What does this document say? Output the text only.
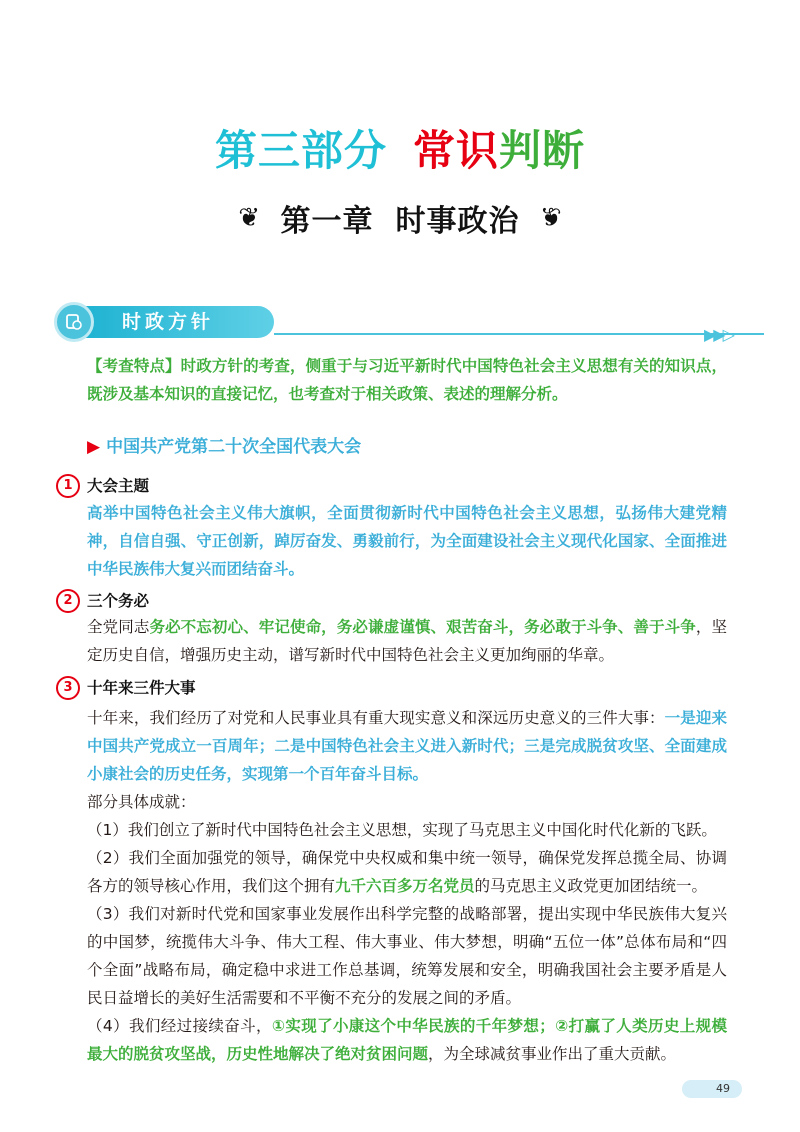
第三部分 常识判断
❦ 第一章 时事政治 ❦
时政方针
▶▶▷
【考查特点】时政方针的考查，侧重于与习近平新时代中国特色社会主义思想有关的知识点，既涉及基本知识的直接记忆，也考查对于相关政策、表述的理解分析。
▶ 中国共产党第二十次全国代表大会
1 大会主题
高举中国特色社会主义伟大旗帜，全面贯彻新时代中国特色社会主义思想，弘扬伟大建党精神，自信自强、守正创新，踔厉奋发、勇毅前行，为全面建设社会主义现代化国家、全面推进中华民族伟大复兴而团结奋斗。
2 三个务必
全党同志务必不忘初心、牢记使命，务必谦虚谨慎、艰苦奋斗，务必敢于斗争、善于斗争，坚定历史自信，增强历史主动，谱写新时代中国特色社会主义更加绚丽的华章。
3 十年来三件大事
十年来，我们经历了对党和人民事业具有重大现实意义和深远历史意义的三件大事：一是迎来中国共产党成立一百周年；二是中国特色社会主义进入新时代；三是完成脱贫攻坚、全面建成小康社会的历史任务，实现第一个百年奋斗目标。
部分具体成就：
（1）我们创立了新时代中国特色社会主义思想，实现了马克思主义中国化时代化新的飞跃。
（2）我们全面加强党的领导，确保党中央权威和集中统一领导，确保党发挥总揽全局、协调各方的领导核心作用，我们这个拥有九千六百多万名党员的马克思主义政党更加团结统一。
（3）我们对新时代党和国家事业发展作出科学完整的战略部署，提出实现中华民族伟大复兴的中国梦，统揽伟大斗争、伟大工程、伟大事业、伟大梦想，明确“五位一体”总体布局和“四个全面”战略布局，确定稳中求进工作总基调，统筹发展和安全，明确我国社会主要矛盾是人民日益增长的美好生活需要和不平衡不充分的发展之间的矛盾。
（4）我们经过接续奋斗，①实现了小康这个中华民族的千年梦想；②打赢了人类历史上规模最大的脱贫攻坚战，历史性地解决了绝对贫困问题，为全球减贫事业作出了重大贡献。
49
